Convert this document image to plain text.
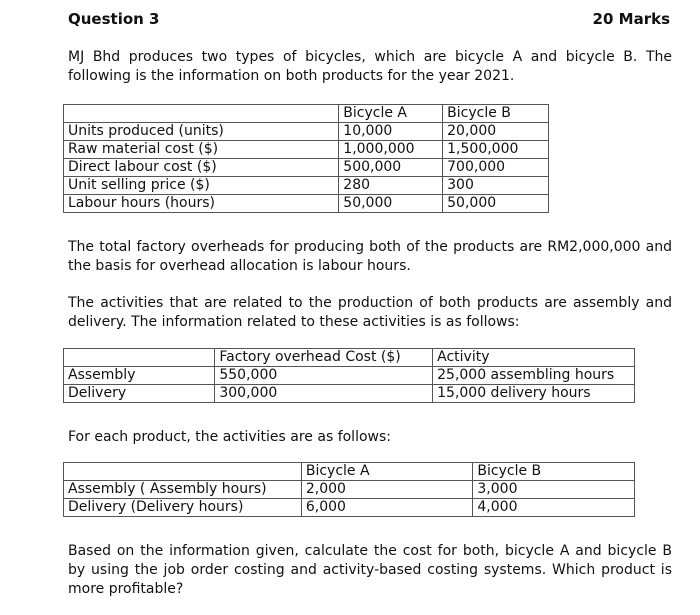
Question 3	20 Marks
MJ Bhd produces two types of bicycles, which are bicycle A and bicycle B. The following is the information on both products for the year 2021.
	Bicycle A	Bicycle B
Units produced (units)	10,000	20,000
Raw material cost ($)	1,000,000	1,500,000
Direct labour cost ($)	500,000	700,000
Unit selling price ($)	280	300
Labour hours (hours)	50,000	50,000
The total factory overheads for producing both of the products are RM2,000,000 and the basis for overhead allocation is labour hours.
The activities that are related to the production of both products are assembly and delivery. The information related to these activities is as follows:
	Factory overhead Cost ($)	Activity
Assembly	550,000	25,000 assembling hours
Delivery	300,000	15,000 delivery hours
For each product, the activities are as follows:
	Bicycle A	Bicycle B
Assembly ( Assembly hours)	2,000	3,000
Delivery (Delivery hours)	6,000	4,000
Based on the information given, calculate the cost for both, bicycle A and bicycle B by using the job order costing and activity-based costing systems. Which product is more profitable?
